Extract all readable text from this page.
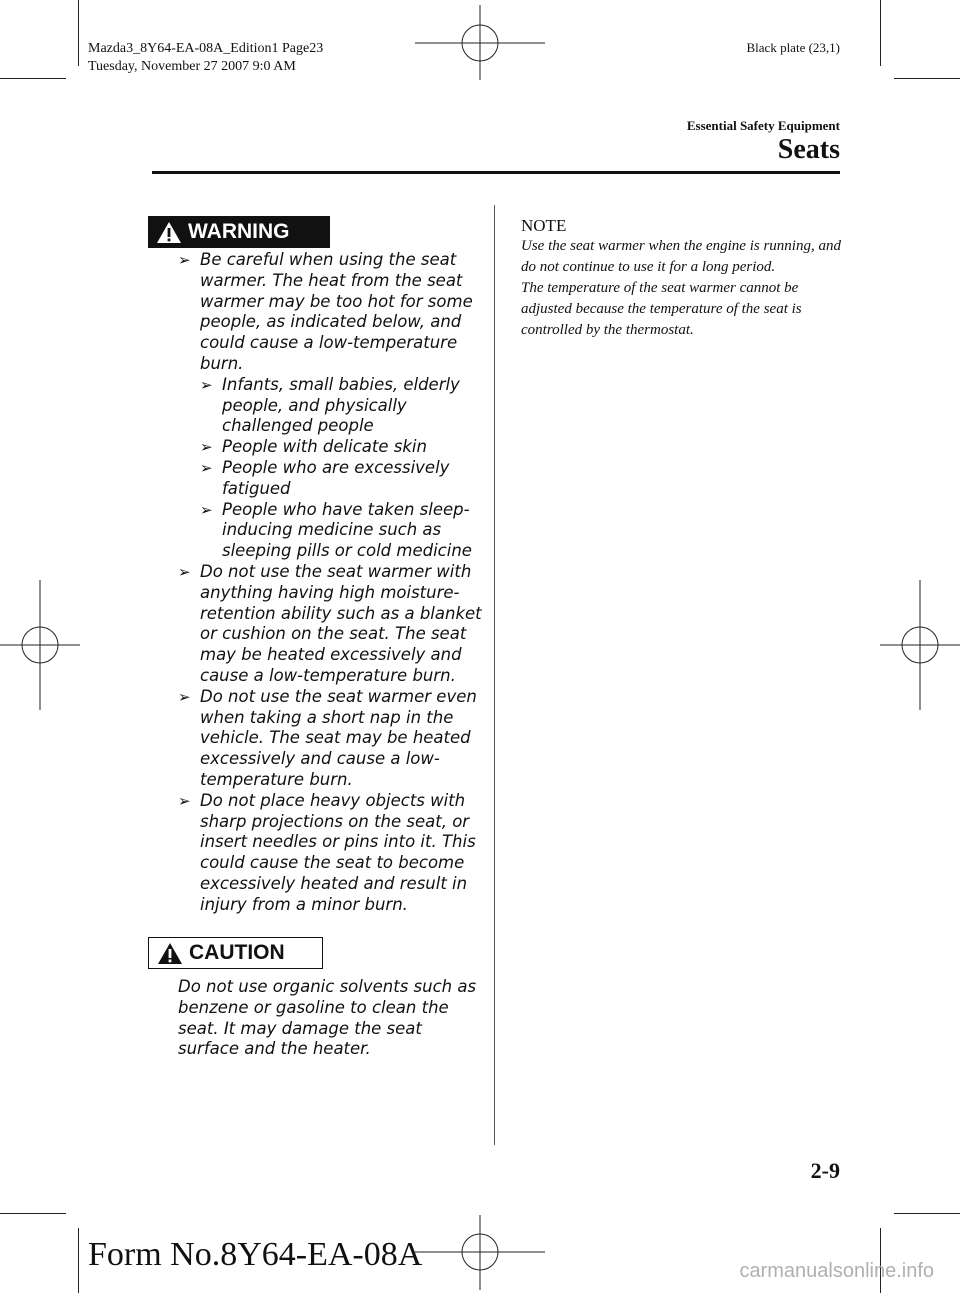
Mazda3_8Y64-EA-08A_Edition1 Page23
Tuesday, November 27 2007 9:0 AM
Black plate (23,1)
Essential Safety Equipment
Seats
WARNING
➢ Be careful when using the seat warmer. The heat from the seat warmer may be too hot for some people, as indicated below, and could cause a low-temperature burn.
➢ Infants, small babies, elderly people, and physically challenged people
➢ People with delicate skin
➢ People who are excessively fatigued
➢ People who have taken sleep-inducing medicine such as sleeping pills or cold medicine
➢ Do not use the seat warmer with anything having high moisture-retention ability such as a blanket or cushion on the seat. The seat may be heated excessively and cause a low-temperature burn.
➢ Do not use the seat warmer even when taking a short nap in the vehicle. The seat may be heated excessively and cause a low-temperature burn.
➢ Do not place heavy objects with sharp projections on the seat, or insert needles or pins into it. This could cause the seat to become excessively heated and result in injury from a minor burn.
CAUTION
Do not use organic solvents such as benzene or gasoline to clean the seat. It may damage the seat surface and the heater.
NOTE
Use the seat warmer when the engine is running, and do not continue to use it for a long period.
The temperature of the seat warmer cannot be adjusted because the temperature of the seat is controlled by the thermostat.
2-9
Form No.8Y64-EA-08A	carmanualsonline.info
